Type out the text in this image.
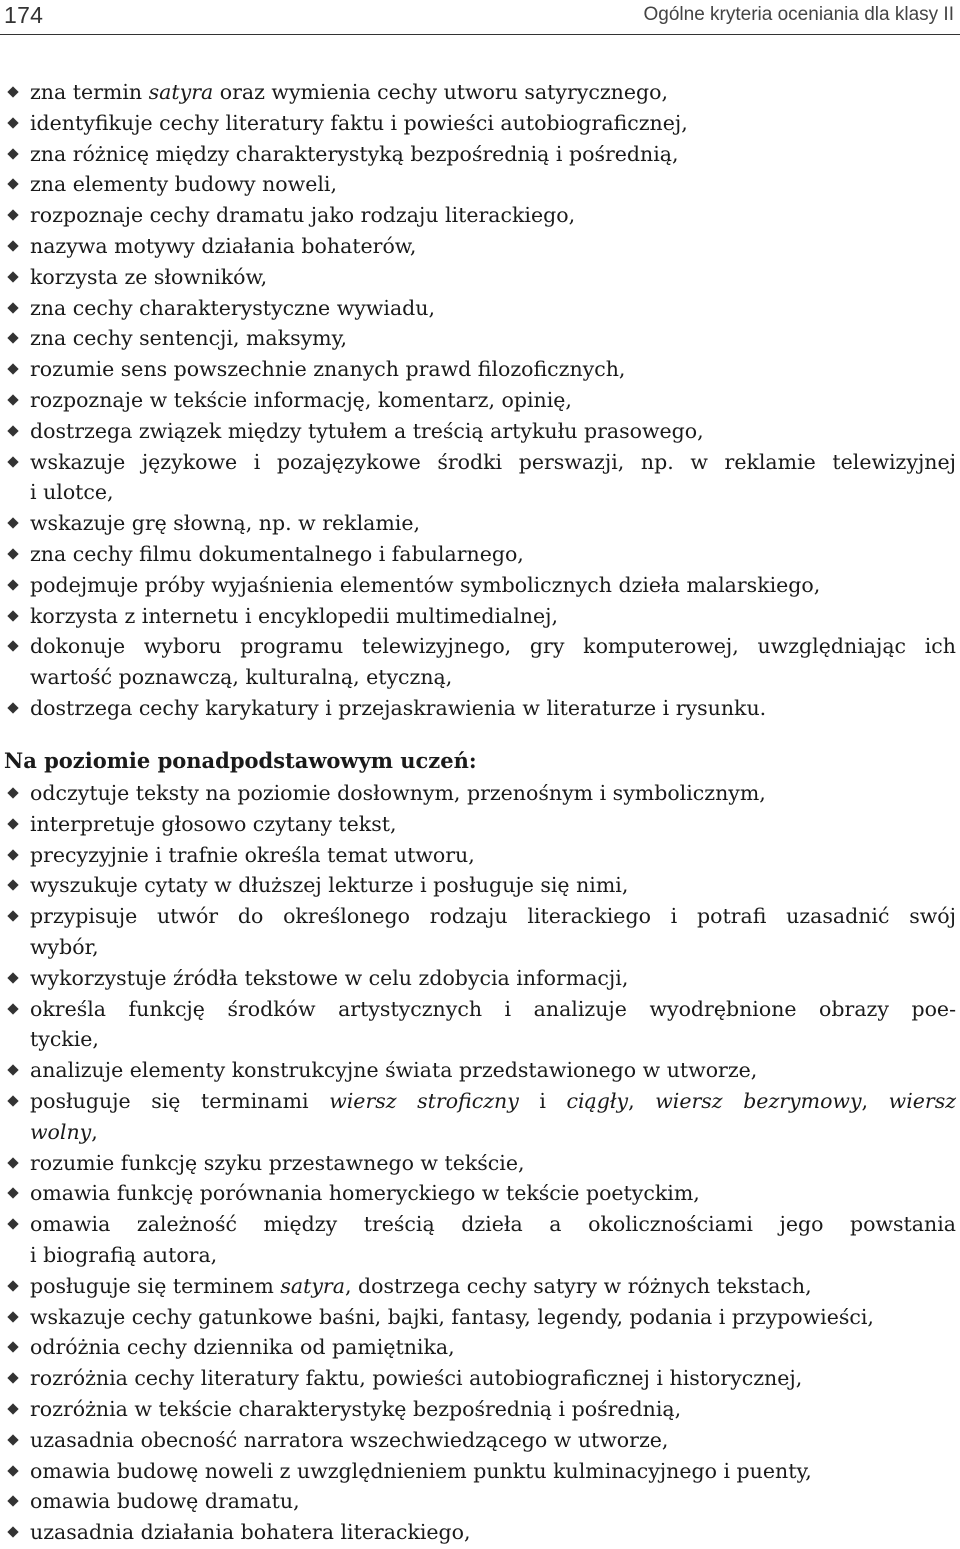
174	Ogólne kryteria oceniania dla klasy II
zna termin satyra oraz wymienia cechy utworu satyrycznego,
identyfikuje cechy literatury faktu i powieści autobiograficznej,
zna różnicę między charakterystyką bezpośrednią i pośrednią,
zna elementy budowy noweli,
rozpoznaje cechy dramatu jako rodzaju literackiego,
nazywa motywy działania bohaterów,
korzysta ze słowników,
zna cechy charakterystyczne wywiadu,
zna cechy sentencji, maksymy,
rozumie sens powszechnie znanych prawd filozoficznych,
rozpoznaje w tekście informację, komentarz, opinię,
dostrzega związek między tytułem a treścią artykułu prasowego,
wskazuje językowe i pozajęzykowe środki perswazji, np. w reklamie telewizyjnej
i ulotce,
wskazuje grę słowną, np. w reklamie,
zna cechy filmu dokumentalnego i fabularnego,
podejmuje próby wyjaśnienia elementów symbolicznych dzieła malarskiego,
korzysta z internetu i encyklopedii multimedialnej,
dokonuje wyboru programu telewizyjnego, gry komputerowej, uwzględniając ich
wartość poznawczą, kulturalną, etyczną,
dostrzega cechy karykatury i przejaskrawienia w literaturze i rysunku.
Na poziomie ponadpodstawowym uczeń:
odczytuje teksty na poziomie dosłownym, przenośnym i symbolicznym,
interpretuje głosowo czytany tekst,
precyzyjnie i trafnie określa temat utworu,
wyszukuje cytaty w dłuższej lekturze i posługuje się nimi,
przypisuje utwór do określonego rodzaju literackiego i potrafi uzasadnić swój
wybór,
wykorzystuje źródła tekstowe w celu zdobycia informacji,
określa funkcję środków artystycznych i analizuje wyodrębnione obrazy poe-
tyckie,
analizuje elementy konstrukcyjne świata przedstawionego w utworze,
posługuje się terminami wiersz stroficzny i ciągły, wiersz bezrymowy, wiersz
wolny,
rozumie funkcję szyku przestawnego w tekście,
omawia funkcję porównania homeryckiego w tekście poetyckim,
omawia zależność między treścią dzieła a okolicznościami jego powstania
i biografią autora,
posługuje się terminem satyra, dostrzega cechy satyry w różnych tekstach,
wskazuje cechy gatunkowe baśni, bajki, fantasy, legendy, podania i przypowieści,
odróżnia cechy dziennika od pamiętnika,
rozróżnia cechy literatury faktu, powieści autobiograficznej i historycznej,
rozróżnia w tekście charakterystykę bezpośrednią i pośrednią,
uzasadnia obecność narratora wszechwiedzącego w utworze,
omawia budowę noweli z uwzględnieniem punktu kulminacyjnego i puenty,
omawia budowę dramatu,
uzasadnia działania bohatera literackiego,
